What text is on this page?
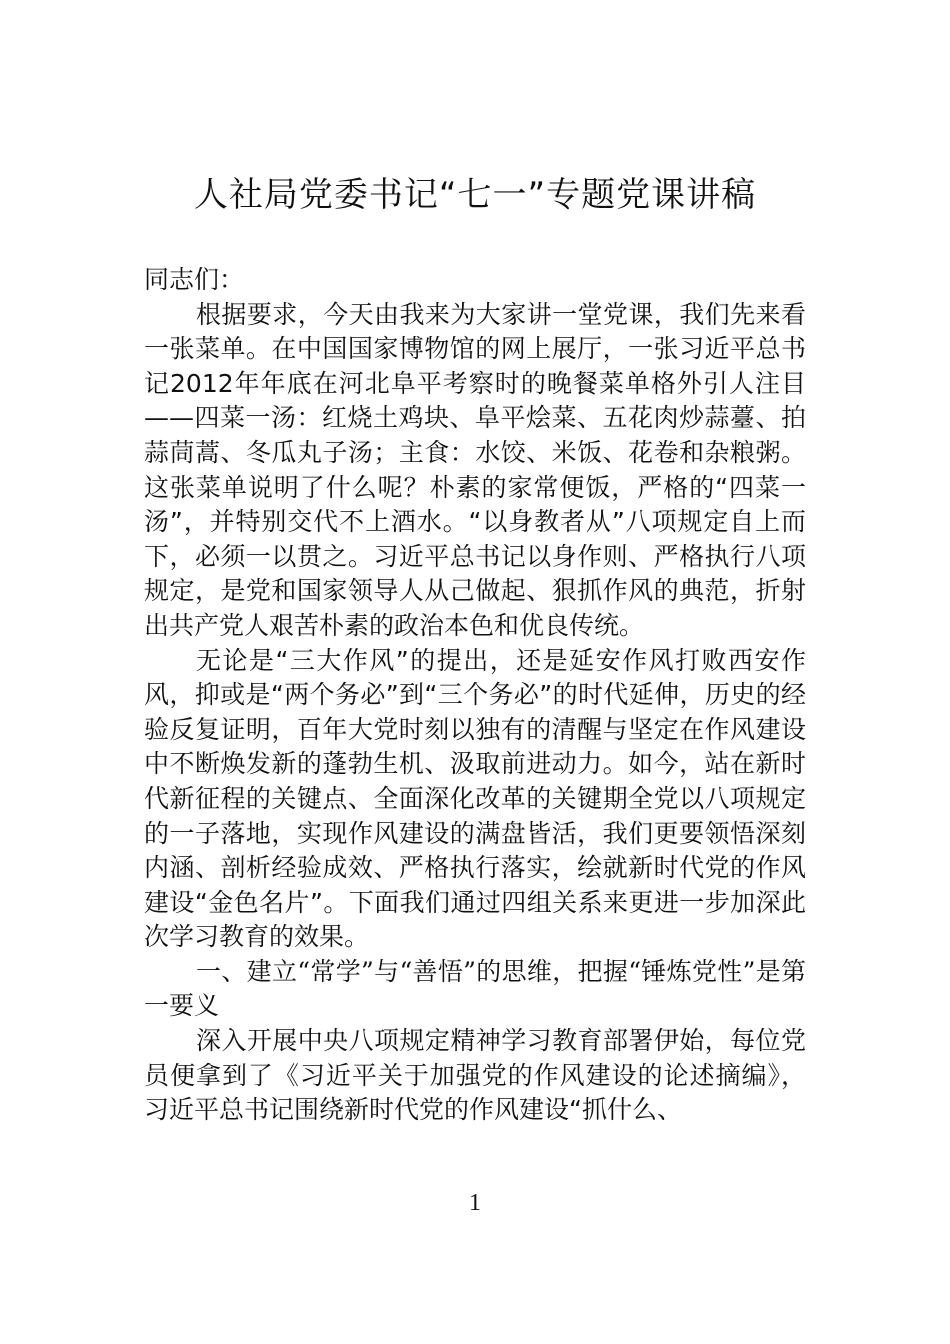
人社局党委书记“七一”专题党课讲稿

同志们：

根据要求，今天由我来为大家讲一堂党课，我们先来看一张菜单。在中国国家博物馆的网上展厅，一张习近平总书记2012年年底在河北阜平考察时的晚餐菜单格外引人注目——四菜一汤：红烧土鸡块、阜平烩菜、五花肉炒蒜薹、拍蒜茼蒿、冬瓜丸子汤；主食：水饺、米饭、花卷和杂粮粥。这张菜单说明了什么呢？朴素的家常便饭，严格的“四菜一汤”，并特别交代不上酒水。“以身教者从”八项规定自上而下，必须一以贯之。习近平总书记以身作则、严格执行八项规定，是党和国家领导人从己做起、狠抓作风的典范，折射出共产党人艰苦朴素的政治本色和优良传统。

无论是“三大作风”的提出，还是延安作风打败西安作风，抑或是“两个务必”到“三个务必”的时代延伸，历史的经验反复证明，百年大党时刻以独有的清醒与坚定在作风建设中不断焕发新的蓬勃生机、汲取前进动力。如今，站在新时代新征程的关键点、全面深化改革的关键期全党以八项规定的一子落地，实现作风建设的满盘皆活，我们更要领悟深刻内涵、剖析经验成效、严格执行落实，绘就新时代党的作风建设“金色名片”。下面我们通过四组关系来更进一步加深此次学习教育的效果。

一、建立“常学”与“善悟”的思维，把握“锤炼党性”是第一要义

深入开展中央八项规定精神学习教育部署伊始，每位党员便拿到了《习近平关于加强党的作风建设的论述摘编》，习近平总书记围绕新时代党的作风建设“抓什么、

1
